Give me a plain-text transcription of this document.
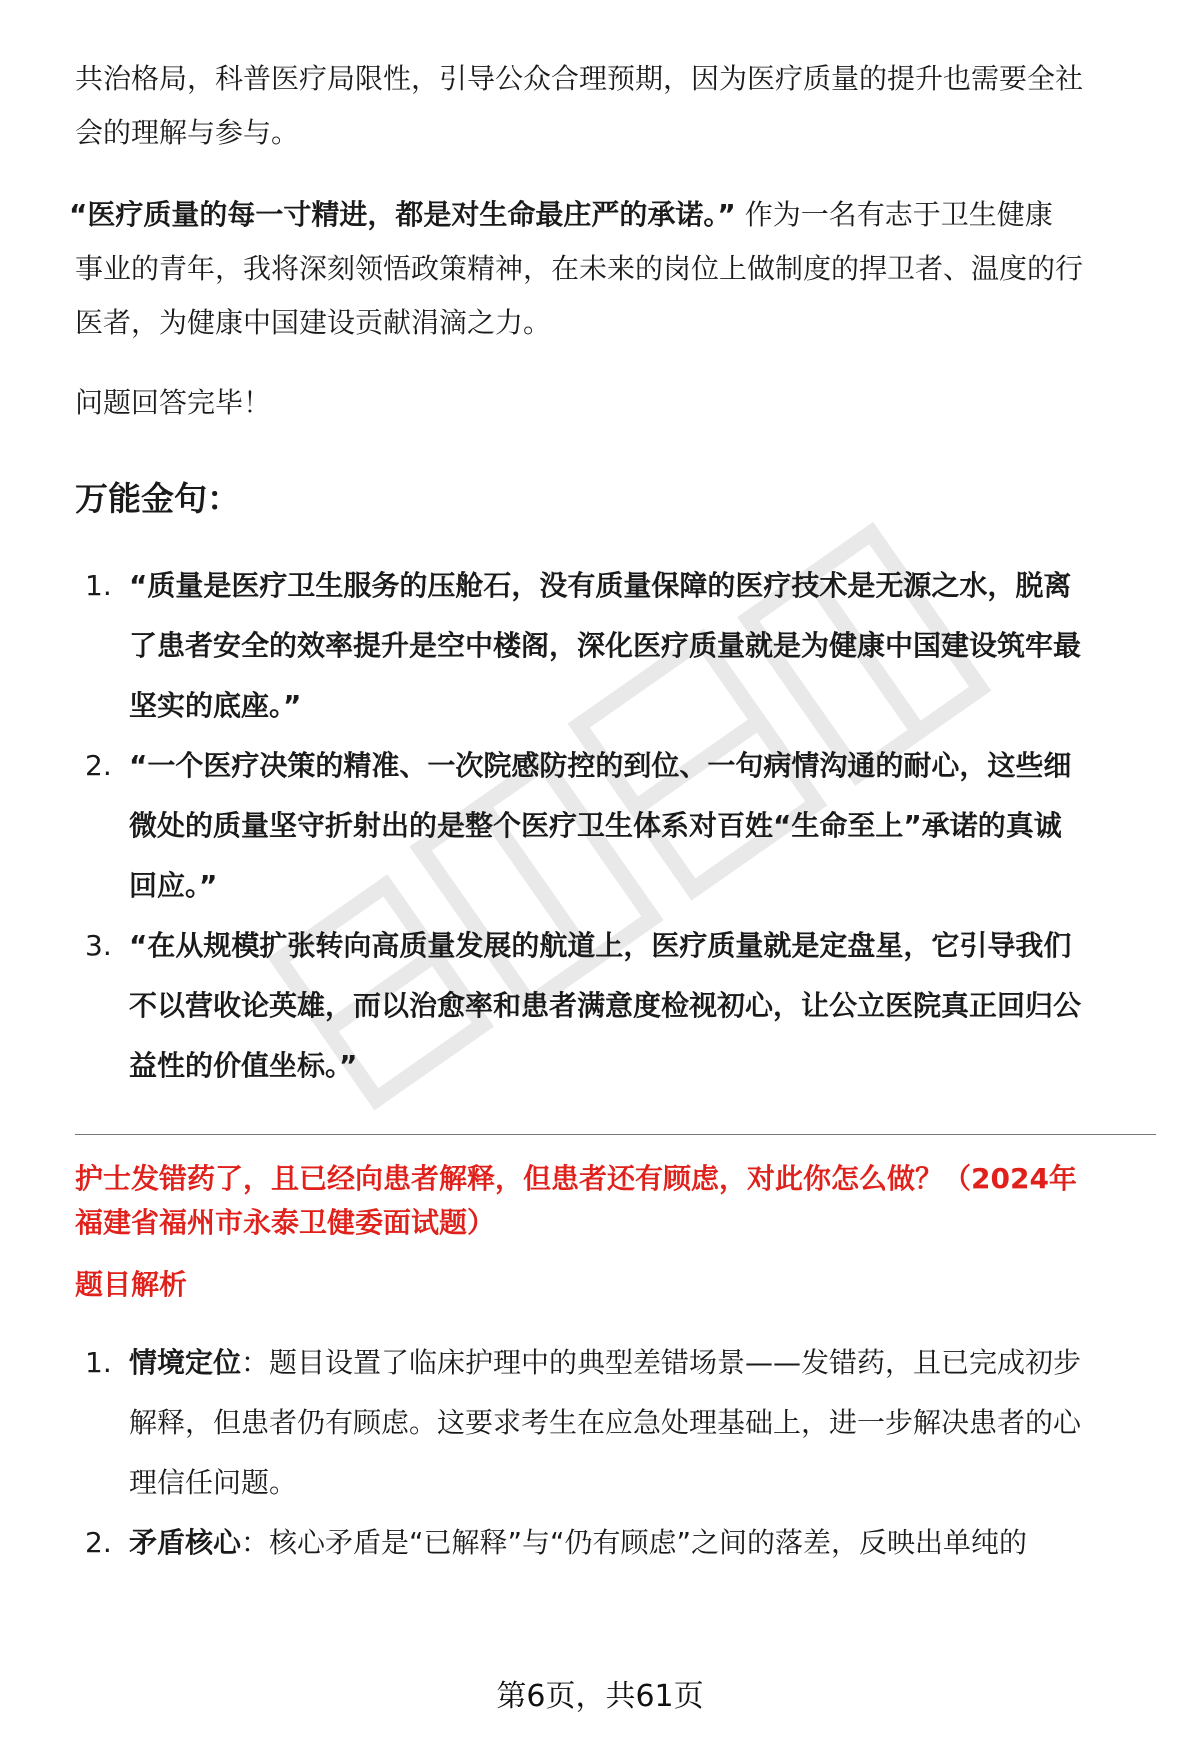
共治格局，科普医疗局限性，引导公众合理预期，因为医疗质量的提升也需要全社

会的理解与参与。

“医疗质量的每一寸精进，都是对生命最庄严的承诺。” 作为一名有志于卫生健康

事业的青年，我将深刻领悟政策精神，在未来的岗位上做制度的捍卫者、温度的行

医者，为健康中国建设贡献涓滴之力。

问题回答完毕！

万能金句：

1. “质量是医疗卫生服务的压舱石，没有质量保障的医疗技术是无源之水，脱离
了患者安全的效率提升是空中楼阁，深化医疗质量就是为健康中国建设筑牢最
坚实的底座。”
2. “一个医疗决策的精准、一次院感防控的到位、一句病情沟通的耐心，这些细
微处的质量坚守折射出的是整个医疗卫生体系对百姓“生命至上”承诺的真诚
回应。”
3. “在从规模扩张转向高质量发展的航道上，医疗质量就是定盘星，它引导我们
不以营收论英雄，而以治愈率和患者满意度检视初心，让公立医院真正回归公
益性的价值坐标。”

护士发错药了，且已经向患者解释，但患者还有顾虑，对此你怎么做？（2024年

福建省福州市永泰卫健委面试题）

题目解析

1. 情境定位：题目设置了临床护理中的典型差错场景——发错药，且已完成初步
解释，但患者仍有顾虑。这要求考生在应急处理基础上，进一步解决患者的心
理信任问题。
2. 矛盾核心：核心矛盾是“已解释”与“仍有顾虑”之间的落差，反映出单纯的
第6页，共61页
